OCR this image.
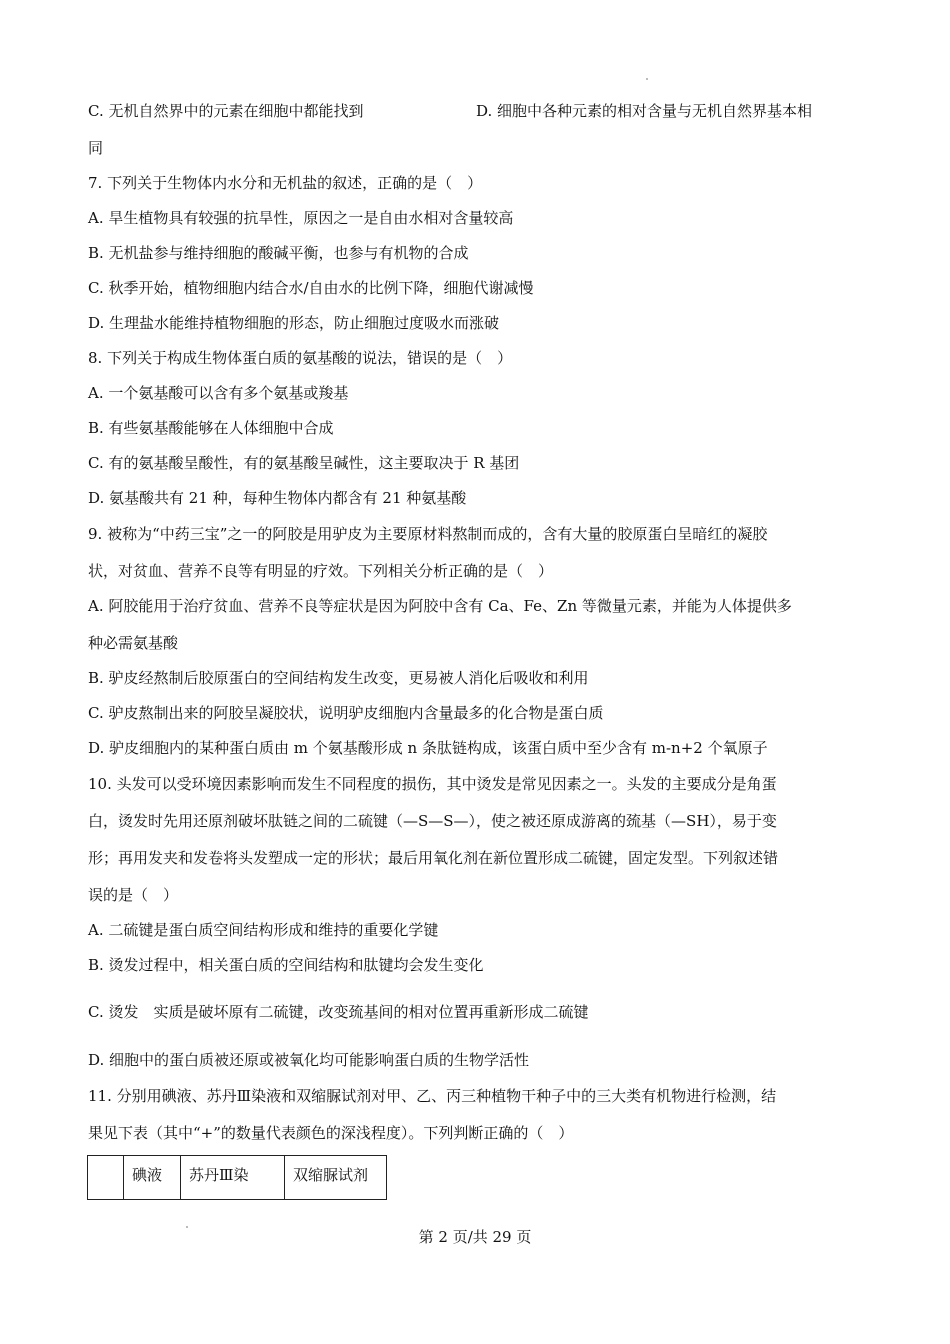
C. 无机自然界中的元素在细胞中都能找到	D. 细胞中各种元素的相对含量与无机自然界基本相
同
7. 下列关于生物体内水分和无机盐的叙述，正确的是（　）
A. 旱生植物具有较强的抗旱性，原因之一是自由水相对含量较高
B. 无机盐参与维持细胞的酸碱平衡，也参与有机物的合成
C. 秋季开始，植物细胞内结合水/自由水的比例下降，细胞代谢减慢
D. 生理盐水能维持植物细胞的形态，防止细胞过度吸水而涨破
8. 下列关于构成生物体蛋白质的氨基酸的说法，错误的是（　）
A. 一个氨基酸可以含有多个氨基或羧基
B. 有些氨基酸能够在人体细胞中合成
C. 有的氨基酸呈酸性，有的氨基酸呈碱性，这主要取决于 R 基团
D. 氨基酸共有 21 种，每种生物体内都含有 21 种氨基酸
9. 被称为“中药三宝”之一的阿胶是用驴皮为主要原材料熬制而成的，含有大量的胶原蛋白呈暗红的凝胶
状，对贫血、营养不良等有明显的疗效。下列相关分析正确的是（　）
A. 阿胶能用于治疗贫血、营养不良等症状是因为阿胶中含有 Ca、Fe、Zn 等微量元素，并能为人体提供多
种必需氨基酸
B. 驴皮经熬制后胶原蛋白的空间结构发生改变，更易被人消化后吸收和利用
C. 驴皮熬制出来的阿胶呈凝胶状，说明驴皮细胞内含量最多的化合物是蛋白质
D. 驴皮细胞内的某种蛋白质由 m 个氨基酸形成 n 条肽链构成，该蛋白质中至少含有 m-n+2 个氧原子
10. 头发可以受环境因素影响而发生不同程度的损伤，其中烫发是常见因素之一。头发的主要成分是角蛋
白，烫发时先用还原剂破坏肽链之间的二硫键（—S—S—），使之被还原成游离的巯基（—SH），易于变
形；再用发夹和发卷将头发塑成一定的形状；最后用氧化剂在新位置形成二硫键，固定发型。下列叙述错
误的是（　）
A. 二硫键是蛋白质空间结构形成和维持的重要化学键
B. 烫发过程中，相关蛋白质的空间结构和肽键均会发生变化
C. 烫发　实质是破坏原有二硫键，改变巯基间的相对位置再重新形成二硫键
D. 细胞中的蛋白质被还原或被氧化均可能影响蛋白质的生物学活性
11. 分别用碘液、苏丹Ⅲ染液和双缩脲试剂对甲、乙、丙三种植物干种子中的三大类有机物进行检测，结
果见下表（其中“+”的数量代表颜色的深浅程度）。下列判断正确的（　）
	碘液	苏丹Ⅲ染	双缩脲试剂
第 2 页/共 29 页
